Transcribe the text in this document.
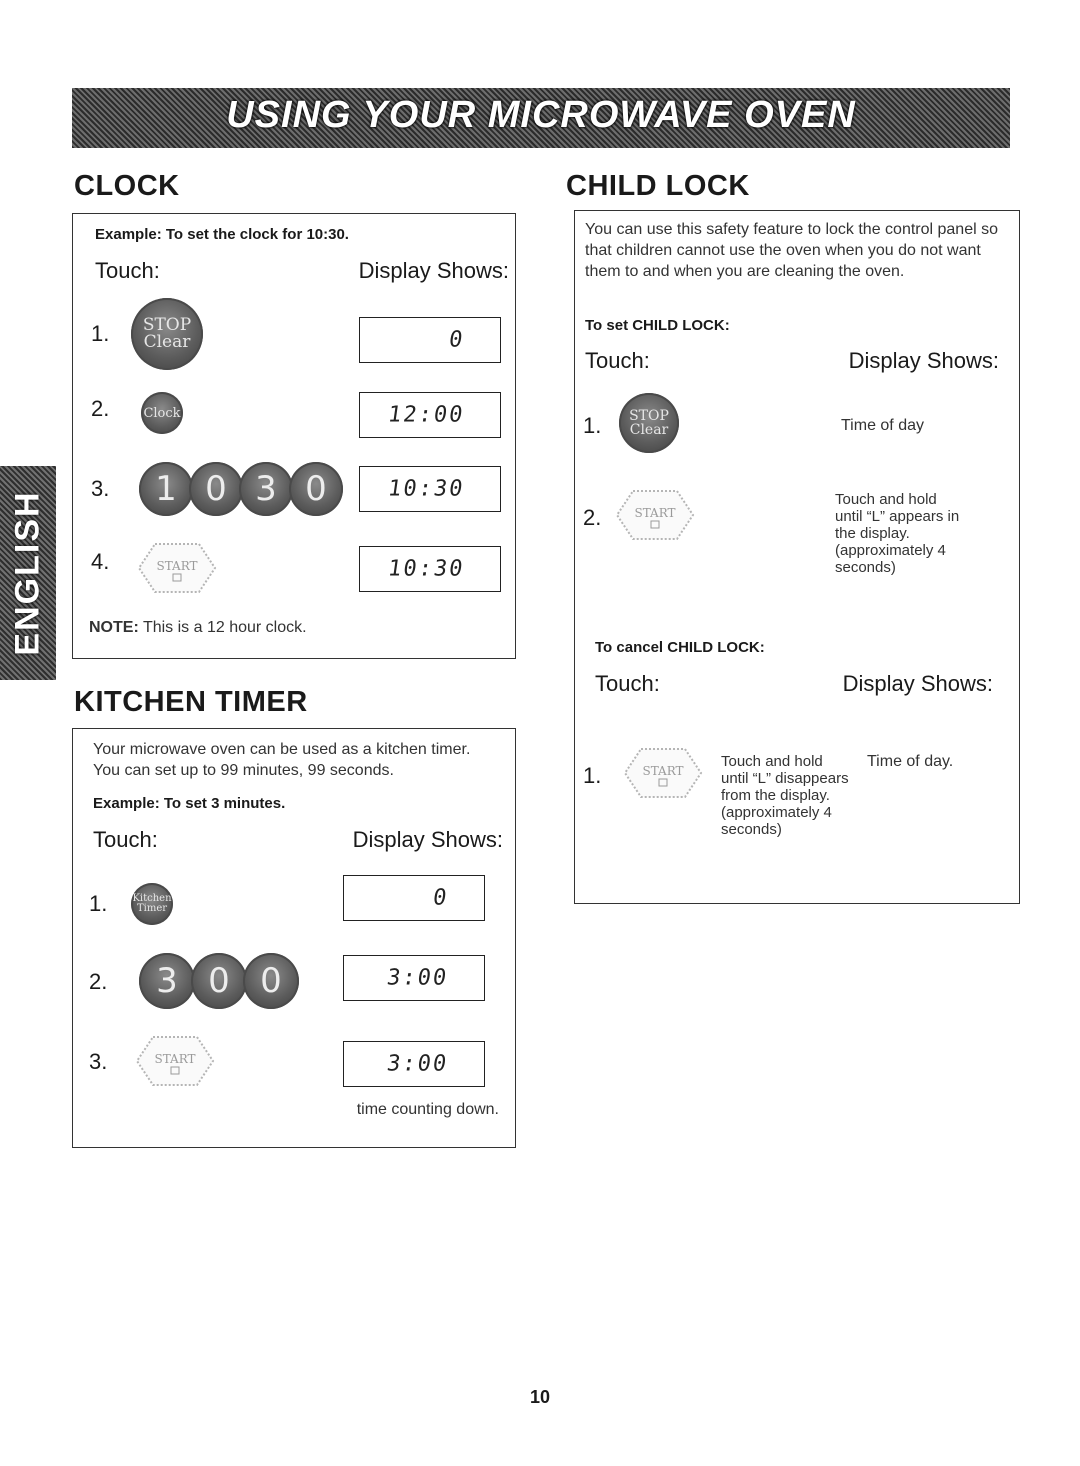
USING YOUR MICROWAVE OVEN
ENGLISH
CLOCK
Example: To set the clock for 10:30.
Touch:	Display Shows:
1. STOP
Clear	0
2.	Clock	12:00
3. 1 0 3 0	10:30
4.	START	10:30
NOTE: This is a 12 hour clock.
KITCHEN TIMER
Your microwave oven can be used as a kitchen timer. You can set up to 99 minutes, 99 seconds.
Example: To set 3 minutes.
Touch:	Display Shows:
1.	Kitchen
Timer	0
2. 3 0 0	3:00
3.	START	3:00
time counting down.
CHILD LOCK
You can use this safety feature to lock the control panel so that children cannot use the oven when you do not want them to and when you are cleaning the oven.
To set CHILD LOCK:
Touch:	Display Shows:
1. STOP
Clear	Time of day
2.	START
Touch and hold until “L” appears in the display. (approximately 4 seconds)
To cancel CHILD LOCK:
Touch:	Display Shows:
1.	START
Touch and hold until “L” disappears from the display. (approximately 4 seconds)
Time of day.
10
